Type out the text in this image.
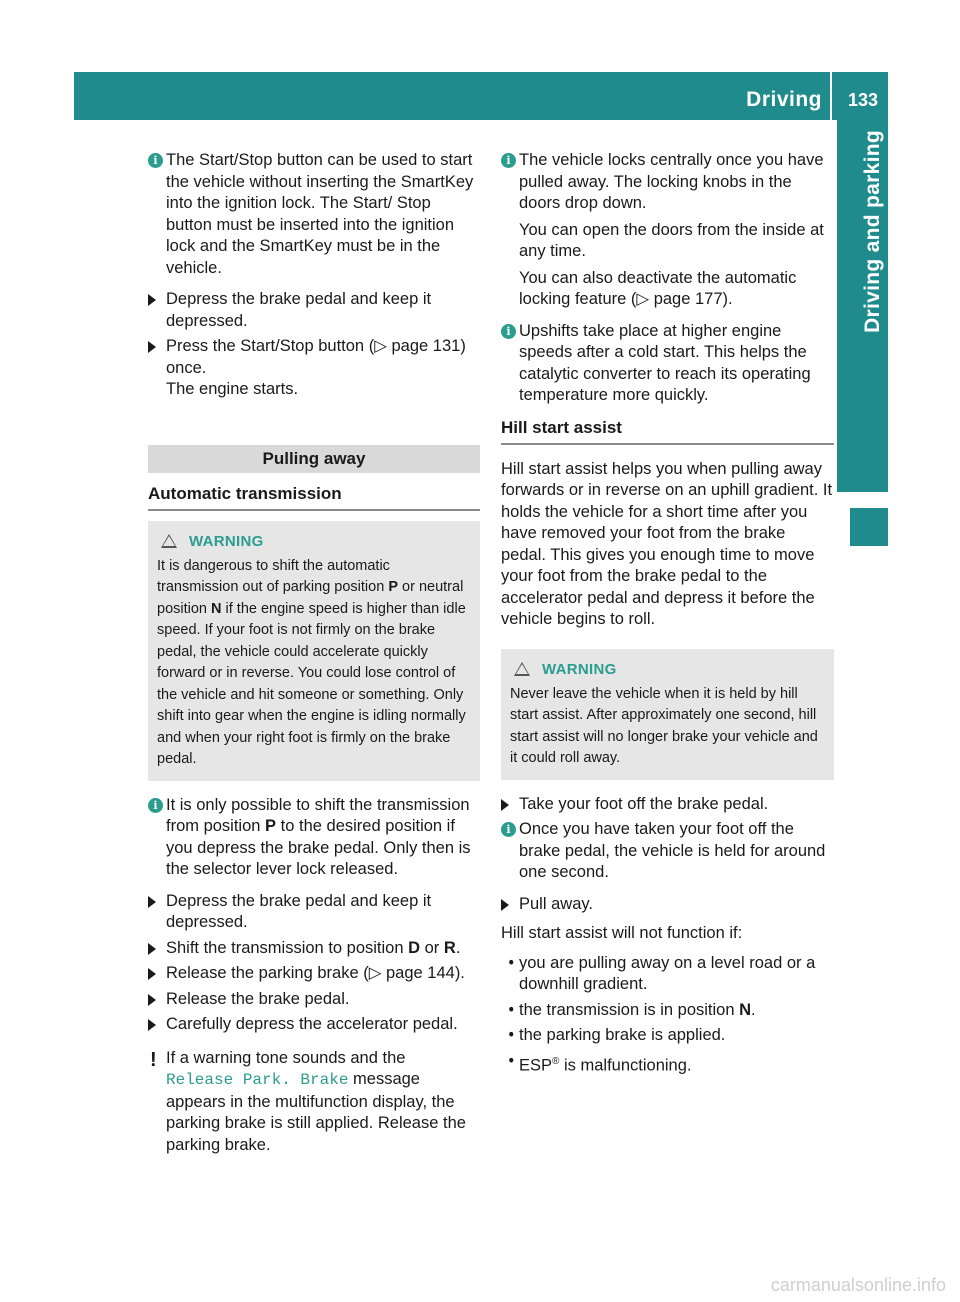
Driving 133
Driving and parking
i The Start/Stop button can be used to start the vehicle without inserting the SmartKey into the ignition lock. The Start/ Stop button must be inserted into the ignition lock and the SmartKey must be in the vehicle.

Depress the brake pedal and keep it depressed.

Press the Start/Stop button (▷ page 131) once.

The engine starts.

Pulling away
Automatic transmission
WARNING

It is dangerous to shift the automatic transmission out of parking position P or neutral position N if the engine speed is higher than idle speed. If your foot is not firmly on the brake pedal, the vehicle could accelerate quickly forward or in reverse. You could lose control of the vehicle and hit someone or something. Only shift into gear when the engine is idling normally and when your right foot is firmly on the brake pedal.

i It is only possible to shift the transmission from position P to the desired position if you depress the brake pedal. Only then is the selector lever lock released.

Depress the brake pedal and keep it depressed.

Shift the transmission to position D or R.

Release the parking brake (▷ page 144).

Release the brake pedal.

Carefully depress the accelerator pedal.

! If a warning tone sounds and the
Release Park. Brake message appears in the multifunction display, the parking brake is still applied. Release the parking brake.

i The vehicle locks centrally once you have pulled away. The locking knobs in the doors drop down.

You can open the doors from the inside at any time.

You can also deactivate the automatic locking feature (▷ page 177).

i Upshifts take place at higher engine speeds after a cold start. This helps the catalytic converter to reach its operating temperature more quickly.

Hill start assist

Hill start assist helps you when pulling away forwards or in reverse on an uphill gradient. It holds the vehicle for a short time after you have removed your foot from the brake pedal. This gives you enough time to move your foot from the brake pedal to the accelerator pedal and depress it before the vehicle begins to roll.

WARNING

Never leave the vehicle when it is held by hill start assist. After approximately one second, hill start assist will no longer brake your vehicle and it could roll away.

Take your foot off the brake pedal.

i Once you have taken your foot off the brake pedal, the vehicle is held for around one second.

Pull away.

Hill start assist will not function if:

• you are pulling away on a level road or a downhill gradient.

• the transmission is in position N.

• the parking brake is applied.

• ESP® is malfunctioning.

carmanualsonline.info
